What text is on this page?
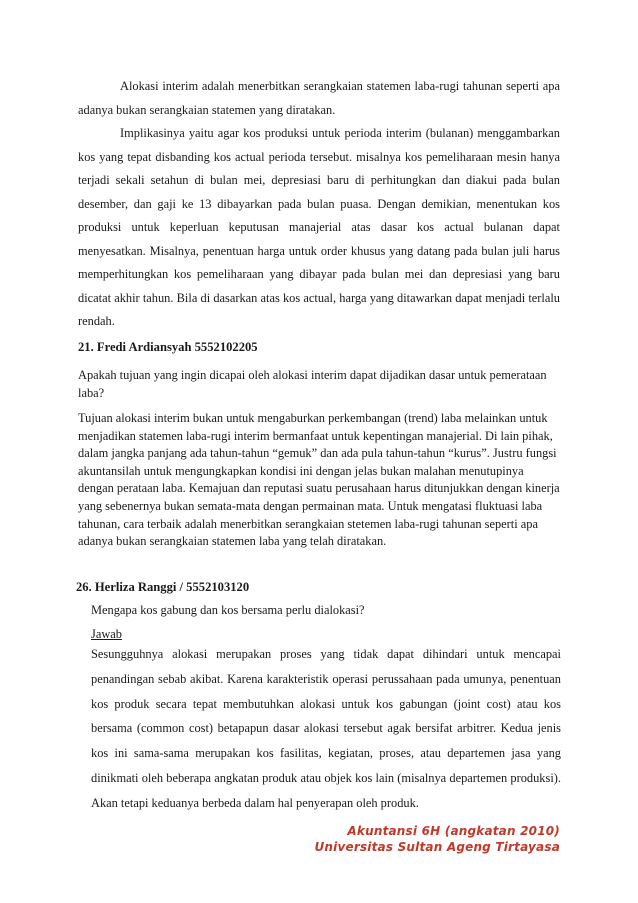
Alokasi interim adalah menerbitkan serangkaian statemen laba-rugi tahunan seperti apa adanya bukan serangkaian statemen yang diratakan.

Implikasinya yaitu agar kos produksi untuk perioda interim (bulanan) menggambarkan kos yang tepat disbanding kos actual perioda tersebut. misalnya kos pemeliharaan mesin hanya terjadi sekali setahun di bulan mei, depresiasi baru di perhitungkan dan diakui pada bulan desember, dan gaji ke 13 dibayarkan pada bulan puasa. Dengan demikian, menentukan kos produksi untuk keperluan keputusan manajerial atas dasar kos actual bulanan dapat menyesatkan. Misalnya, penentuan harga untuk order khusus yang datang pada bulan juli harus memperhitungkan kos pemeliharaan yang dibayar pada bulan mei dan depresiasi yang baru dicatat akhir tahun. Bila di dasarkan atas kos actual, harga yang ditawarkan dapat menjadi terlalu rendah.

21. Fredi Ardiansyah 5552102205

Apakah tujuan yang ingin dicapai oleh alokasi interim dapat dijadikan dasar untuk pemerataan laba?

Tujuan alokasi interim bukan untuk mengaburkan perkembangan (trend) laba melainkan untuk menjadikan statemen laba-rugi interim bermanfaat untuk kepentingan manajerial. Di lain pihak, dalam jangka panjang ada tahun-tahun “gemuk” dan ada pula tahun-tahun “kurus”. Justru fungsi akuntansilah untuk mengungkapkan kondisi ini dengan jelas bukan malahan menutupinya dengan perataan laba. Kemajuan dan reputasi suatu perusahaan harus ditunjukkan dengan kinerja yang sebenernya bukan semata-mata dengan permainan mata. Untuk mengatasi fluktuasi laba tahunan, cara terbaik adalah menerbitkan serangkaian stetemen laba-rugi tahunan seperti apa adanya bukan serangkaian statemen laba yang telah diratakan.

26. Herliza Ranggi / 5552103120

Mengapa kos gabung dan kos bersama perlu dialokasi?

Jawab

Sesungguhnya alokasi merupakan proses yang tidak dapat dihindari untuk mencapai penandingan sebab akibat. Karena karakteristik operasi perussahaan pada umunya, penentuan kos produk secara tepat membutuhkan alokasi untuk kos gabungan (joint cost) atau kos bersama (common cost) betapapun dasar alokasi tersebut agak bersifat arbitrer. Kedua jenis kos ini sama-sama merupakan kos fasilitas, kegiatan, proses, atau departemen jasa yang dinikmati oleh beberapa angkatan produk atau objek kos lain (misalnya departemen produksi). Akan tetapi keduanya berbeda dalam hal penyerapan oleh produk.

Akuntansi 6H (angkatan 2010)
Universitas Sultan Ageng Tirtayasa
